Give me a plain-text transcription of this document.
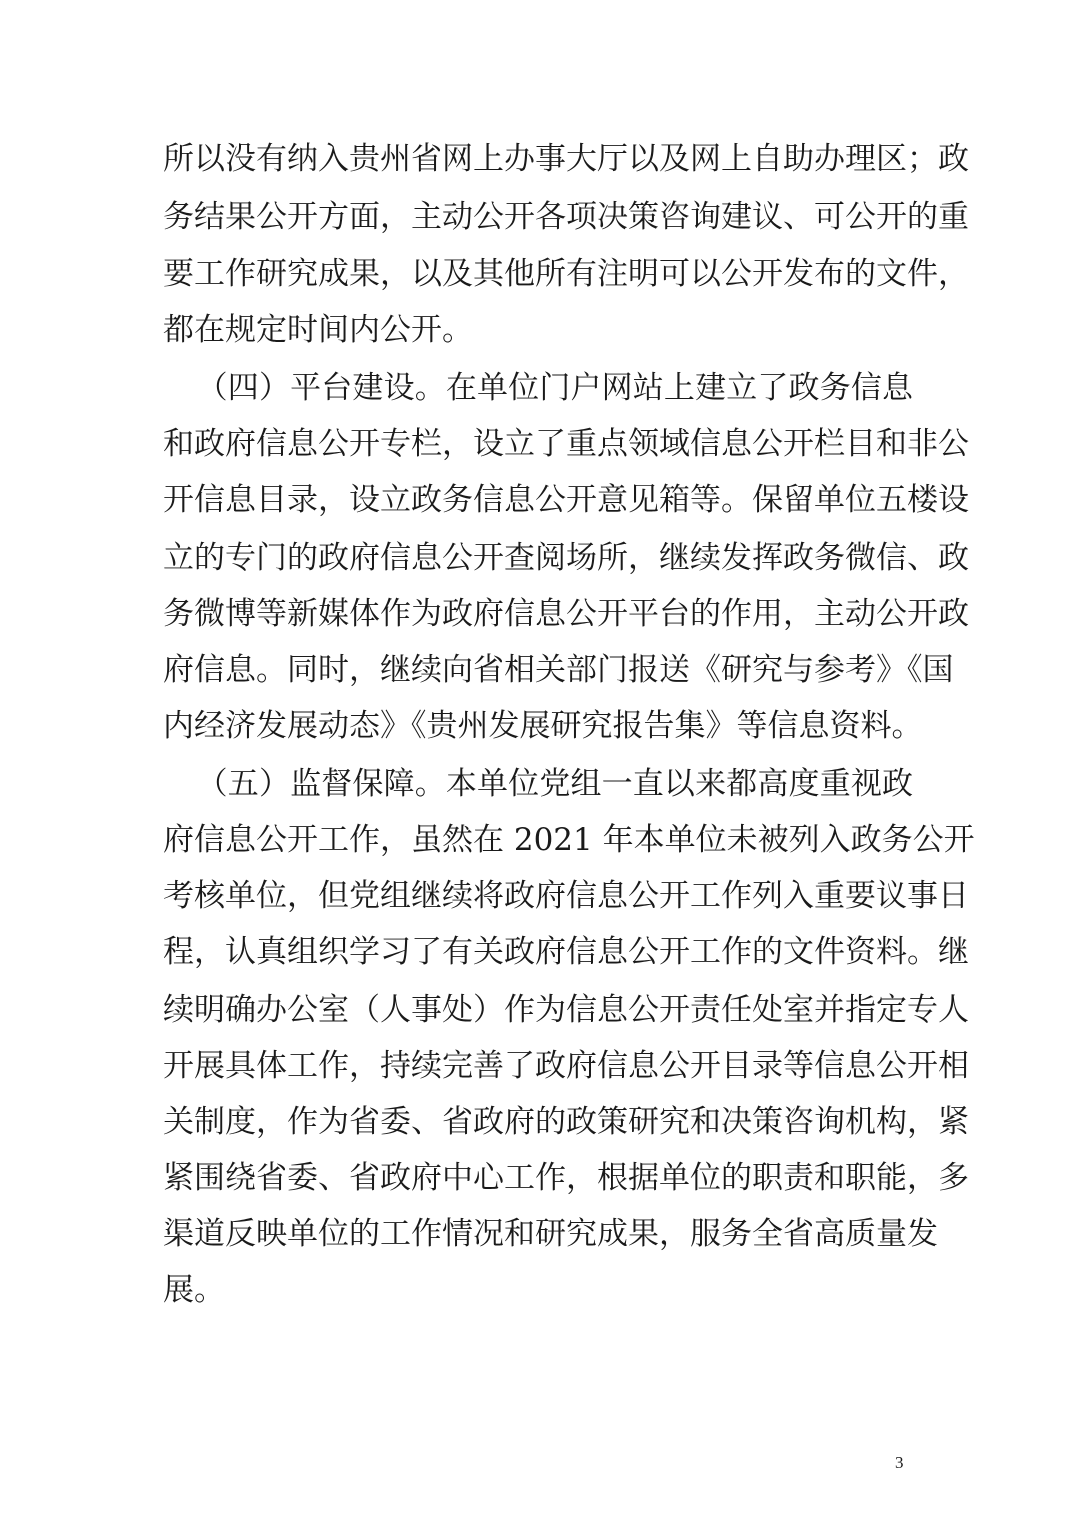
所以没有纳入贵州省网上办事大厅以及网上自助办理区；政
务结果公开方面，主动公开各项决策咨询建议、可公开的重
要工作研究成果，以及其他所有注明可以公开发布的文件，
都在规定时间内公开。
　（四）平台建设。在单位门户网站上建立了政务信息
和政府信息公开专栏，设立了重点领域信息公开栏目和非公
开信息目录，设立政务信息公开意见箱等。保留单位五楼设
立的专门的政府信息公开查阅场所，继续发挥政务微信、政
务微博等新媒体作为政府信息公开平台的作用，主动公开政
府信息。同时，继续向省相关部门报送《研究与参考》《国
内经济发展动态》《贵州发展研究报告集》等信息资料。
　（五）监督保障。本单位党组一直以来都高度重视政
府信息公开工作，虽然在 2021 年本单位未被列入政务公开
考核单位，但党组继续将政府信息公开工作列入重要议事日
程，认真组织学习了有关政府信息公开工作的文件资料。继
续明确办公室（人事处）作为信息公开责任处室并指定专人
开展具体工作，持续完善了政府信息公开目录等信息公开相
关制度，作为省委、省政府的政策研究和决策咨询机构，紧
紧围绕省委、省政府中心工作，根据单位的职责和职能，多
渠道反映单位的工作情况和研究成果，服务全省高质量发
展。
3
